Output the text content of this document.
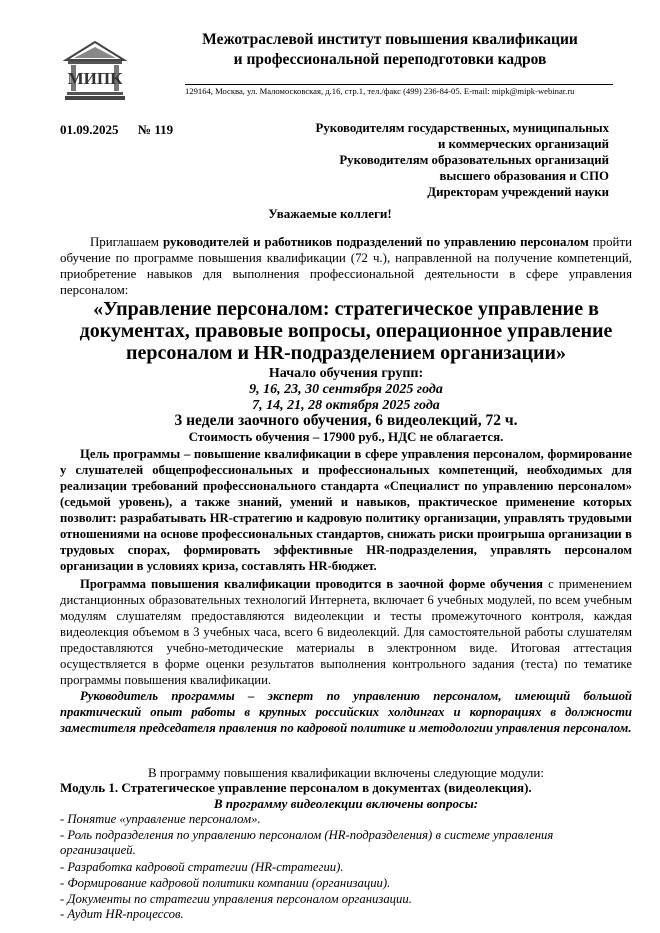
МИПК
Межотраслевой институт повышения квалификации
и профессиональной переподготовки кадров
129164, Москва, ул. Маломосковская, д.16, стр.1, тел./факс (499) 236-84-05. E-mail: mipk@mipk-webinar.ru
01.09.2025 № 119	Руководителям государственных, муниципальных
и коммерческих организаций
Руководителям образовательных организаций
высшего образования и СПО
Директорам учреждений науки
Уважаемые коллеги!
Приглашаем руководителей и работников подразделений по управлению персоналом пройти обучение по программе повышения квалификации (72 ч.), направленной на получение компетенций, приобретение навыков для выполнения профессиональной деятельности в сфере управления персоналом:
«Управление персоналом: стратегическое управление в документах, правовые вопросы, операционное управление персоналом и HR-подразделением организации»
Начало обучения групп:
9, 16, 23, 30 сентября 2025 года
7, 14, 21, 28 октября 2025 года
3 недели заочного обучения, 6 видеолекций, 72 ч.
Стоимость обучения – 17900 руб., НДС не облагается.
Цель программы – повышение квалификации в сфере управления персоналом, формирование у слушателей общепрофессиональных и профессиональных компетенций, необходимых для реализации требований профессионального стандарта «Специалист по управлению персоналом» (седьмой уровень), а также знаний, умений и навыков, практическое применение которых позволит: разрабатывать HR-стратегию и кадровую политику организации, управлять трудовыми отношениями на основе профессиональных стандартов, снижать риски проигрыша организации в трудовых спорах, формировать эффективные HR-подразделения, управлять персоналом организации в условиях криза, составлять HR-бюджет.
Программа повышения квалификации проводится в заочной форме обучения с применением дистанционных образовательных технологий Интернета, включает 6 учебных модулей, по всем учебным модулям слушателям предоставляются видеолекции и тесты промежуточного контроля, каждая видеолекция объемом в 3 учебных часа, всего 6 видеолекций. Для самостоятельной работы слушателям предоставляются учебно-методические материалы в электронном виде. Итоговая аттестация осуществляется в форме оценки результатов выполнения контрольного задания (теста) по тематике программы повышения квалификации.
Руководитель программы – эксперт по управлению персоналом, имеющий большой практический опыт работы в крупных российских холдингах и корпорациях в должности заместителя председателя правления по кадровой политике и методологии управления персоналом.
В программу повышения квалификации включены следующие модули:
Модуль 1. Стратегическое управление персоналом в документах (видеолекция).
В программу видеолекции включены вопросы:
- Понятие «управление персоналом».
- Роль подразделения по управлению персоналом (HR-подразделения) в системе управления
организацией.
- Разработка кадровой стратегии (HR-стратегии).
- Формирование кадровой политики компании (организации).
- Документы по стратегии управления персоналом организации.
- Аудит HR-процессов.
